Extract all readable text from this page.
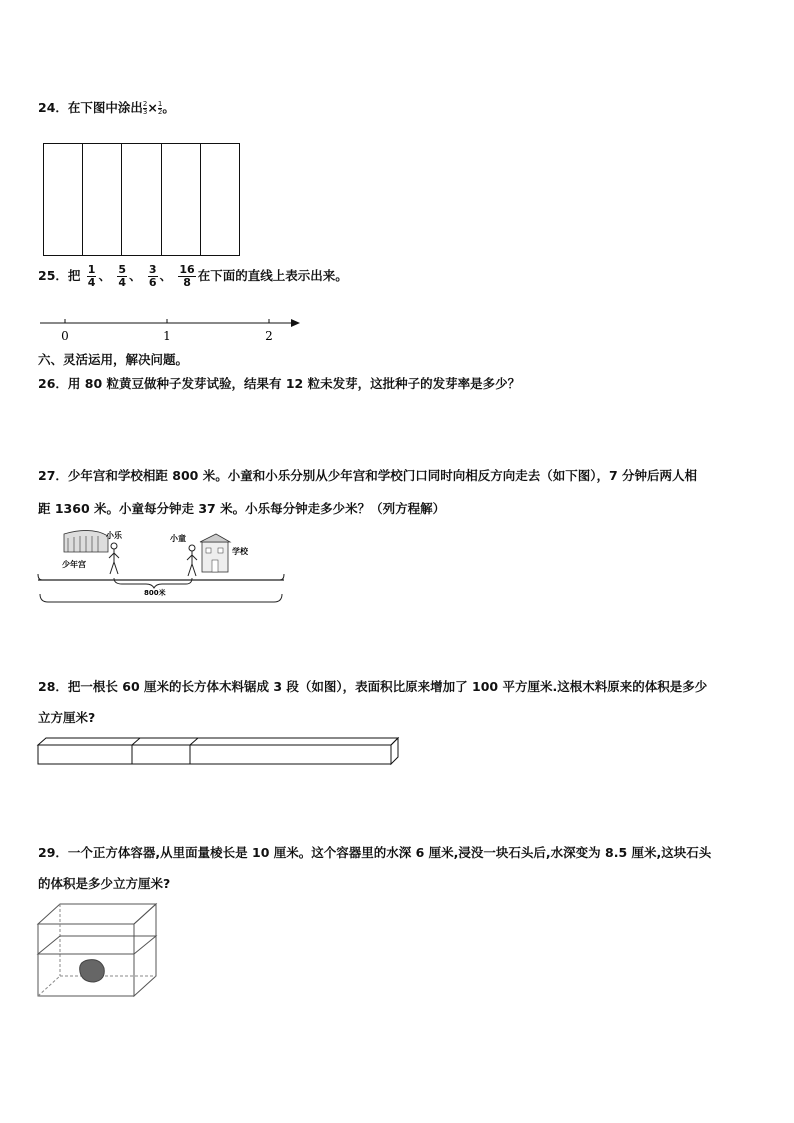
24．在下图中涂出 $\frac{2}{3} \times \frac{1}{2}$ 。
25．把 $\frac{1}{4}$ 、 $\frac{5}{4}$ 、 $\frac{3}{6}$ 、 $\frac{16}{8}$ 在下面的直线上表示出来。
0	1	2
六、灵活运用，解决问题。
26．用 80 粒黄豆做种子发芽试验，结果有 12 粒未发芽，这批种子的发芽率是多少？
27．少年宫和学校相距 800 米。小童和小乐分别从少年宫和学校门口同时向相反方向走去（如下图），7 分钟后两人相
距 1360 米。小童每分钟走 37 米。小乐每分钟走多少米？（列方程解）
小乐
少年宫
小童
学校
800米
28．把一根长 60 厘米的长方体木料锯成 3 段（如图），表面积比原来增加了 100 平方厘米.这根木料原来的体积是多少
立方厘米?
29．一个正方体容器,从里面量棱长是 10 厘米。这个容器里的水深 6 厘米,浸没一块石头后,水深变为 8.5 厘米,这块石头
的体积是多少立方厘米?
